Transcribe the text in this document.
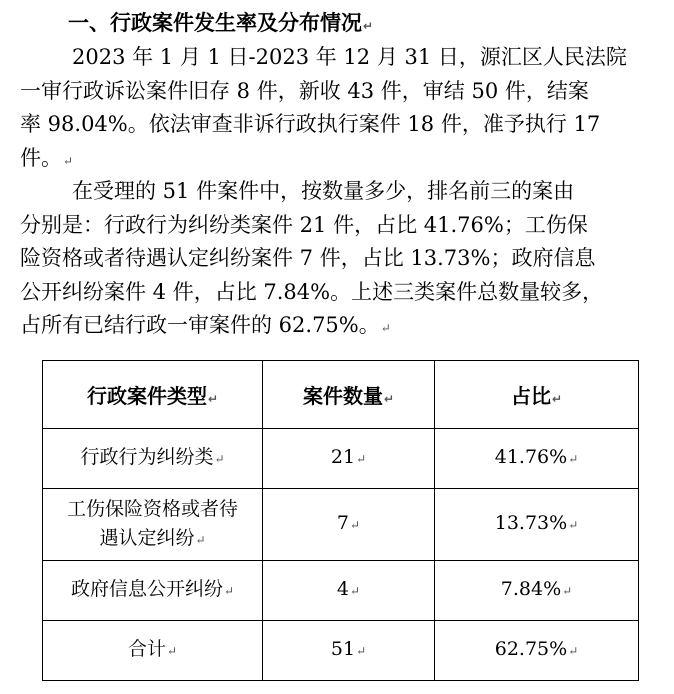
一、行政案件发生率及分布情况↵
2023 年 1 月 1 日-2023 年 12 月 31 日，源汇区人民法院
一审行政诉讼案件旧存 8 件，新收 43 件，审结 50 件，结案
率 98.04%。依法审查非诉行政执行案件 18 件，准予执行 17
件。↵
在受理的 51 件案件中，按数量多少，排名前三的案由
分别是：行政行为纠纷类案件 21 件，占比 41.76%；工伤保
险资格或者待遇认定纠纷案件 7 件，占比 13.73%；政府信息
公开纠纷案件 4 件，占比 7.84%。上述三类案件总数量较多，
占所有已结行政一审案件的 62.75%。↵
行政案件类型↵	案件数量↵	占比↵
行政行为纠纷类↵	21↵	41.76%↵
工伤保险资格或者待
遇认定纠纷↵	7↵	13.73%↵
政府信息公开纠纷↵	4↵	7.84%↵
合计↵	51↵	62.75%↵
